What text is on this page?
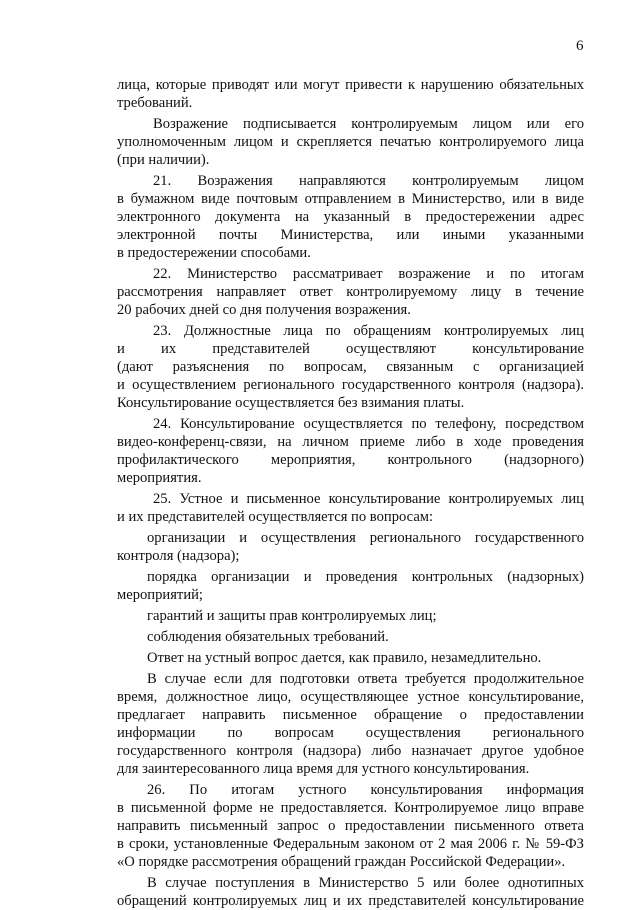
6
лица, которые приводят или могут привести к нарушению обязательных
требований.
Возражение подписывается контролируемым лицом или его
уполномоченным лицом и скрепляется печатью контролируемого лица
(при наличии).
21. Возражения направляются контролируемым лицом
в бумажном виде почтовым отправлением в Министерство, или в виде
электронного документа на указанный в предостережении адрес
электронной почты Министерства, или иными указанными
в предостережении способами.
22. Министерство рассматривает возражение и по итогам
рассмотрения направляет ответ контролируемому лицу в течение
20 рабочих дней со дня получения возражения.
23. Должностные лица по обращениям контролируемых лиц
и их представителей осуществляют консультирование
(дают разъяснения по вопросам, связанным с организацией
и осуществлением регионального государственного контроля (надзора).
Консультирование осуществляется без взимания платы.
24. Консультирование осуществляется по телефону, посредством
видео-конференц-связи, на личном приеме либо в ходе проведения
профилактического мероприятия, контрольного (надзорного)
мероприятия.
25. Устное и письменное консультирование контролируемых лиц
и их представителей осуществляется по вопросам:
организации и осуществления регионального государственного
контроля (надзора);
порядка организации и проведения контрольных (надзорных)
мероприятий;
гарантий и защиты прав контролируемых лиц;
соблюдения обязательных требований.
Ответ на устный вопрос дается, как правило, незамедлительно.
В случае если для подготовки ответа требуется продолжительное
время, должностное лицо, осуществляющее устное консультирование,
предлагает направить письменное обращение о предоставлении
информации по вопросам осуществления регионального
государственного контроля (надзора) либо назначает другое удобное
для заинтересованного лица время для устного консультирования.
26. По итогам устного консультирования информация
в письменной форме не предоставляется. Контролируемое лицо вправе
направить письменный запрос о предоставлении письменного ответа
в сроки, установленные Федеральным законом от 2 мая 2006 г. № 59-ФЗ
«О порядке рассмотрения обращений граждан Российской Федерации».
В случае поступления в Министерство 5 или более однотипных
обращений контролируемых лиц и их представителей консультирование
